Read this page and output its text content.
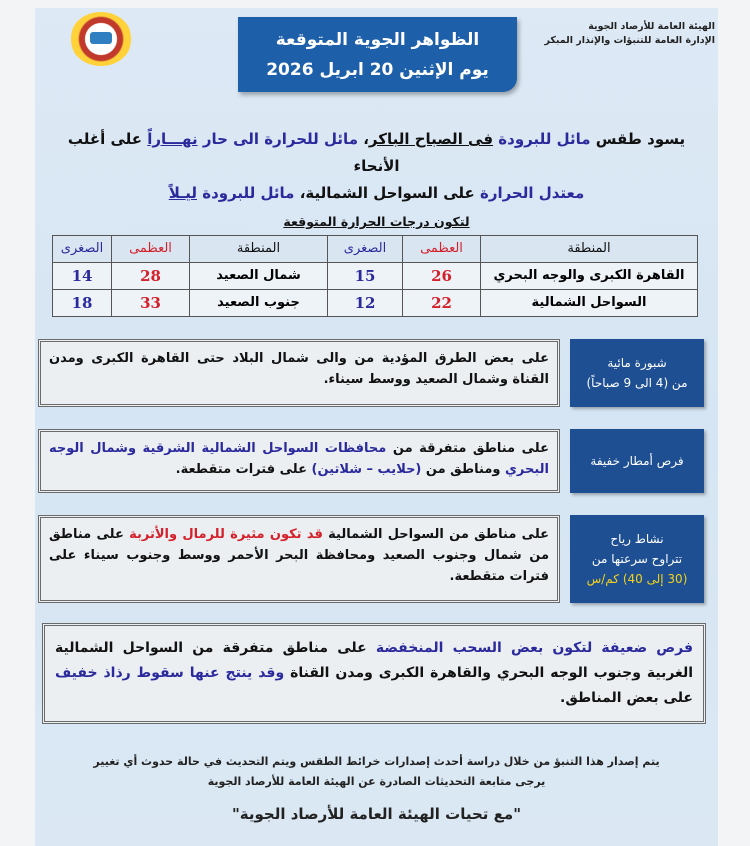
الهيئة العامة للأرصاد الجوية
الإدارة العامة للتنبؤات والإنذار المبكر
الظواهر الجوية المتوقعة
يوم الإثنين 20 ابريل 2026
يسود طقس مائل للبرودة فى الصباح الباكر، مائل للحرارة الى حار نهـــاراً على أغلب الأنحاء
معتدل الحرارة على السواحل الشمالية، مائل للبرودة ليـلاً
لتكون درجات الحرارة المتوقعة
المنطقة	العظمى	الصغرى	المنطقة	العظمى	الصغرى
القاهرة الكبرى والوجه البحري	26	15	شمال الصعيد	28	14
السواحل الشمالية	22	12	جنوب الصعيد	33	18
شبورة مائية
من (4 الى 9 صباحاً)
على بعض الطرق المؤدية من والى شمال البلاد حتى القاهرة الكبرى ومدن القناة وشمال الصعيد ووسط سيناء.
فرص أمطار خفيفة
على مناطق متفرقة من محافظات السواحل الشمالية الشرقية وشمال الوجه البحري ومناطق من (حلايب – شلاتين) على فترات متقطعة.
نشاط رياح
تتراوح سرعتها من
(30 إلى 40) كم/س
على مناطق من السواحل الشمالية قد تكون مثيرة للرمال والأتربة على مناطق من شمال وجنوب الصعيد ومحافظة البحر الأحمر ووسط وجنوب سيناء على فترات متقطعة.
فرص ضعيفة لتكون بعض السحب المنخفضة على مناطق متفرقة من السواحل الشمالية الغربية وجنوب الوجه البحري والقاهرة الكبرى ومدن القناة وقد ينتج عنها سقوط رذاذ خفيف على بعض المناطق.
يتم إصدار هذا التنبؤ من خلال دراسة أحدث إصدارات خرائط الطقس ويتم التحديث في حالة حدوث أي تغيير
يرجى متابعة التحديثات الصادرة عن الهيئة العامة للأرصاد الجوية
"مع تحيات الهيئة العامة للأرصاد الجوية"
